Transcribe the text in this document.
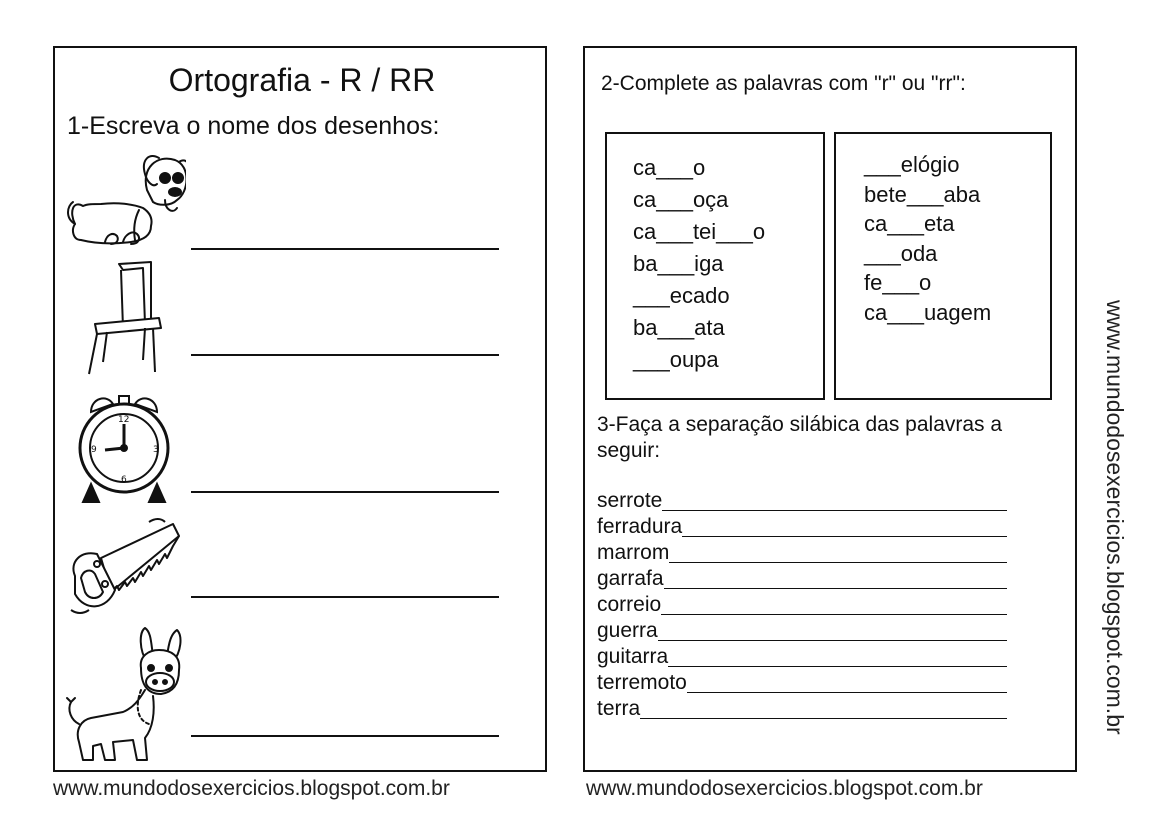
Ortografia - R / RR
1-Escreva o nome dos desenhos:
12
3
6
9
2-Complete as palavras com "r" ou "rr":
ca___o
ca___oça
ca___tei___o
ba___iga
___ecado
ba___ata
___oupa
___elógio
bete___aba
ca___eta
___oda
fe___o
ca___uagem
3-Faça a separação silábica das palavras a seguir:
serrote
ferradura
marrom
garrafa
correio
guerra
guitarra
terremoto
terra
www.mundodosexercicios.blogspot.com.br	www.mundodosexercicios.blogspot.com.br
www.mundodosexercicios.blogspot.com.br
